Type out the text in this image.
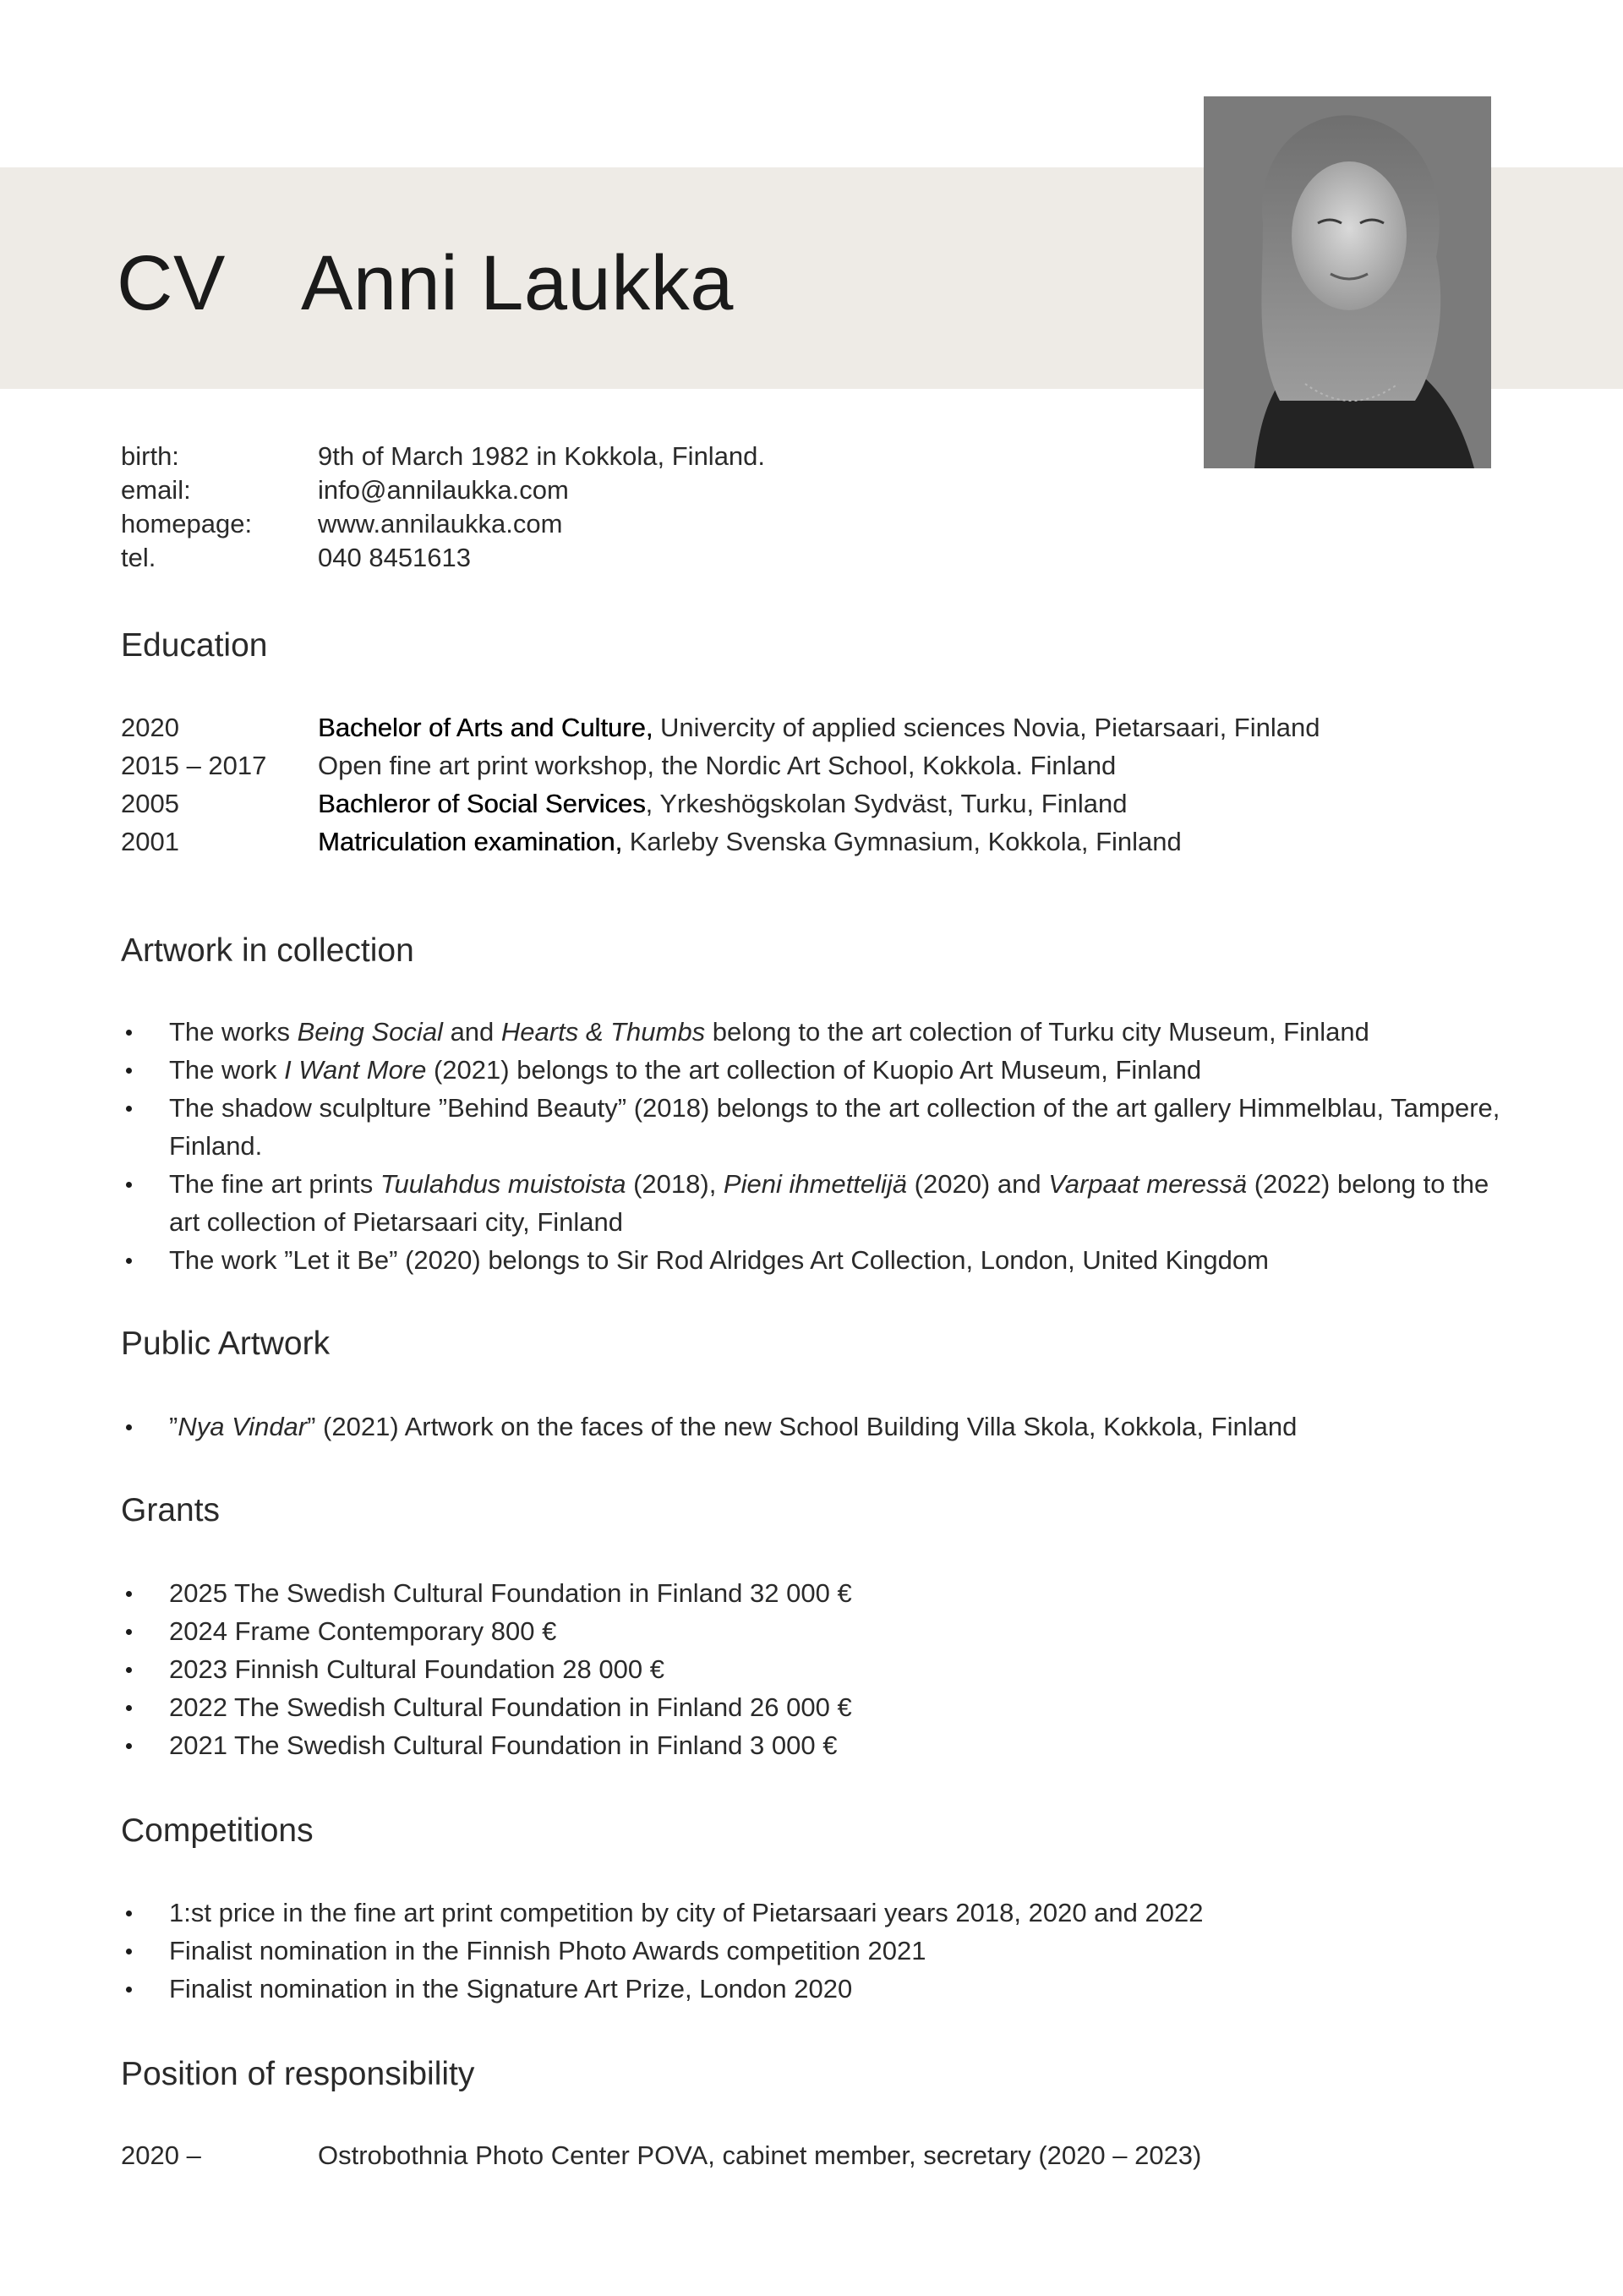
CV Anni Laukka
birth:	9th of March 1982 in Kokkola, Finland.
email:	info@annilaukka.com
homepage:	www.annilaukka.com
tel.	040 8451613
Education
2020	Bachelor of Arts and Culture, Univercity of applied sciences Novia, Pietarsaari, Finland
2015 – 2017	Open fine art print workshop, the Nordic Art School, Kokkola. Finland
2005	Bachleror of Social Services, Yrkeshögskolan Sydväst, Turku, Finland
2001	Matriculation examination, Karleby Svenska Gymnasium, Kokkola, Finland
Artwork in collection
The works Being Social and Hearts & Thumbs belong to the art colection of Turku city Museum, Finland
The work I Want More (2021) belongs to the art collection of Kuopio Art Museum, Finland
The shadow sculplture ”Behind Beauty” (2018) belongs to the art collection of the art gallery Himmelblau, Tampere, Finland.
The fine art prints Tuulahdus muistoista (2018), Pieni ihmettelijä (2020) and Varpaat meressä (2022) belong to the art collection of Pietarsaari city, Finland
The work ”Let it Be” (2020) belongs to Sir Rod Alridges Art Collection, London, United Kingdom
Public Artwork
”Nya Vindar” (2021) Artwork on the faces of the new School Building Villa Skola, Kokkola, Finland
Grants
2025 The Swedish Cultural Foundation in Finland 32 000 €
2024 Frame Contemporary 800 €
2023 Finnish Cultural Foundation 28 000 €
2022 The Swedish Cultural Foundation in Finland 26 000 €
2021 The Swedish Cultural Foundation in Finland 3 000 €
Competitions
1:st price in the fine art print competition by city of Pietarsaari years 2018, 2020 and 2022
Finalist nomination in the Finnish Photo Awards competition 2021
Finalist nomination in the Signature Art Prize, London 2020
Position of responsibility
2020 –	Ostrobothnia Photo Center POVA, cabinet member, secretary (2020 – 2023)
